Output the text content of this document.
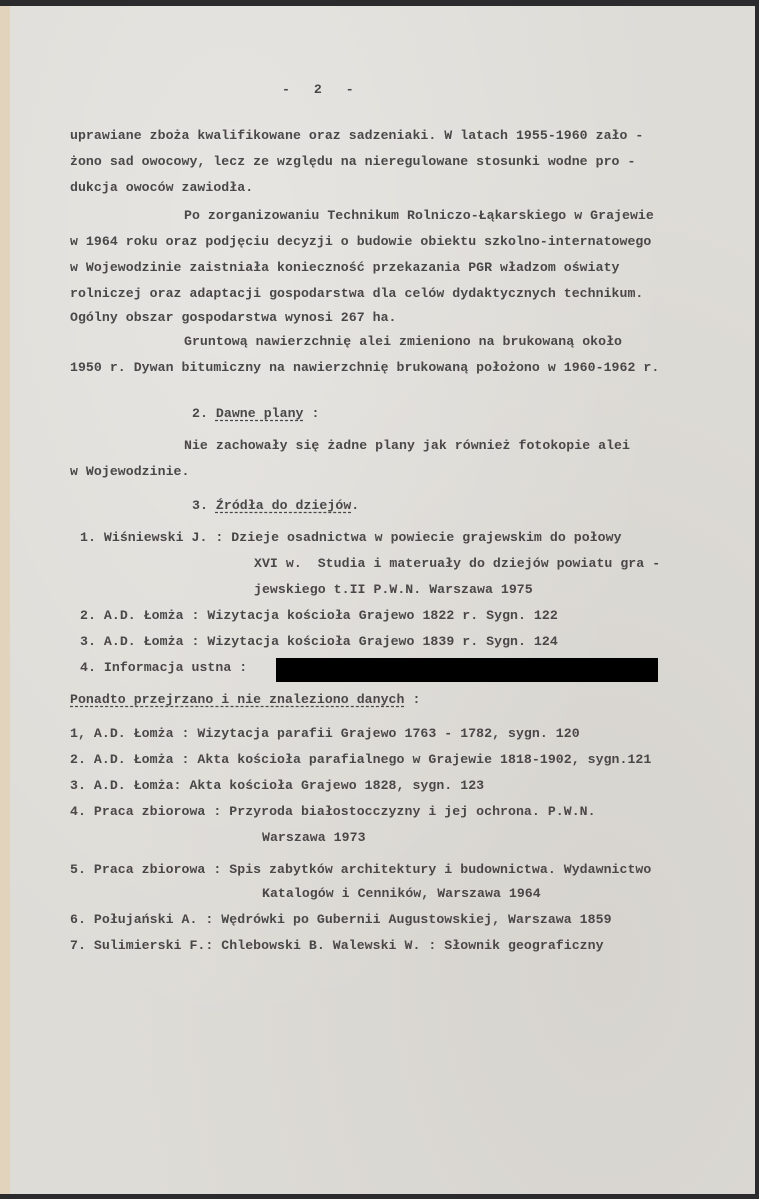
-   2   -
uprawiane zboża kwalifikowane oraz sadzeniaki. W latach 1955-1960 zało -
żono sad owocowy, lecz ze względu na nieregulowane stosunki wodne pro -
dukcja owoców zawiodła.
Po zorganizowaniu Technikum Rolniczo-Łąkarskiego w Grajewie
w 1964 roku oraz podjęciu decyzji o budowie obiektu szkolno-internatowego
w Wojewodzinie zaistniała konieczność przekazania PGR władzom oświaty
rolniczej oraz adaptacji gospodarstwa dla celów dydaktycznych technikum.
Ogólny obszar gospodarstwa wynosi 267 ha.
Gruntową nawierzchnię alei zmieniono na brukowaną około
1950 r. Dywan bitumiczny na nawierzchnię brukowaną położono w 1960-1962 r.
2. Dawne plany :
Nie zachowały się żadne plany jak również fotokopie alei
w Wojewodzinie.
3. Źródła do dziejów.
1. Wiśniewski J. : Dzieje osadnictwa w powiecie grajewskim do połowy
XVI w.  Studia i materuały do dziejów powiatu gra -
jewskiego t.II P.W.N. Warszawa 1975
2. A.D. Łomża : Wizytacja kościoła Grajewo 1822 r. Sygn. 122
3. A.D. Łomża : Wizytacja kościoła Grajewo 1839 r. Sygn. 124
4. Informacja ustna :
Ponadto przejrzano i nie znaleziono danych :
1, A.D. Łomża : Wizytacja parafii Grajewo 1763 - 1782, sygn. 120
2. A.D. Łomża : Akta kościoła parafialnego w Grajewie 1818-1902, sygn.121
3. A.D. Łomża: Akta kościoła Grajewo 1828, sygn. 123
4. Praca zbiorowa : Przyroda białostocczyzny i jej ochrona. P.W.N.
Warszawa 1973
5. Praca zbiorowa : Spis zabytków architektury i budownictwa. Wydawnictwo
Katalogów i Cenników, Warszawa 1964
6. Połujański A. : Wędrówki po Gubernii Augustowskiej, Warszawa 1859
7. Sulimierski F.: Chlebowski B. Walewski W. : Słownik geograficzny
